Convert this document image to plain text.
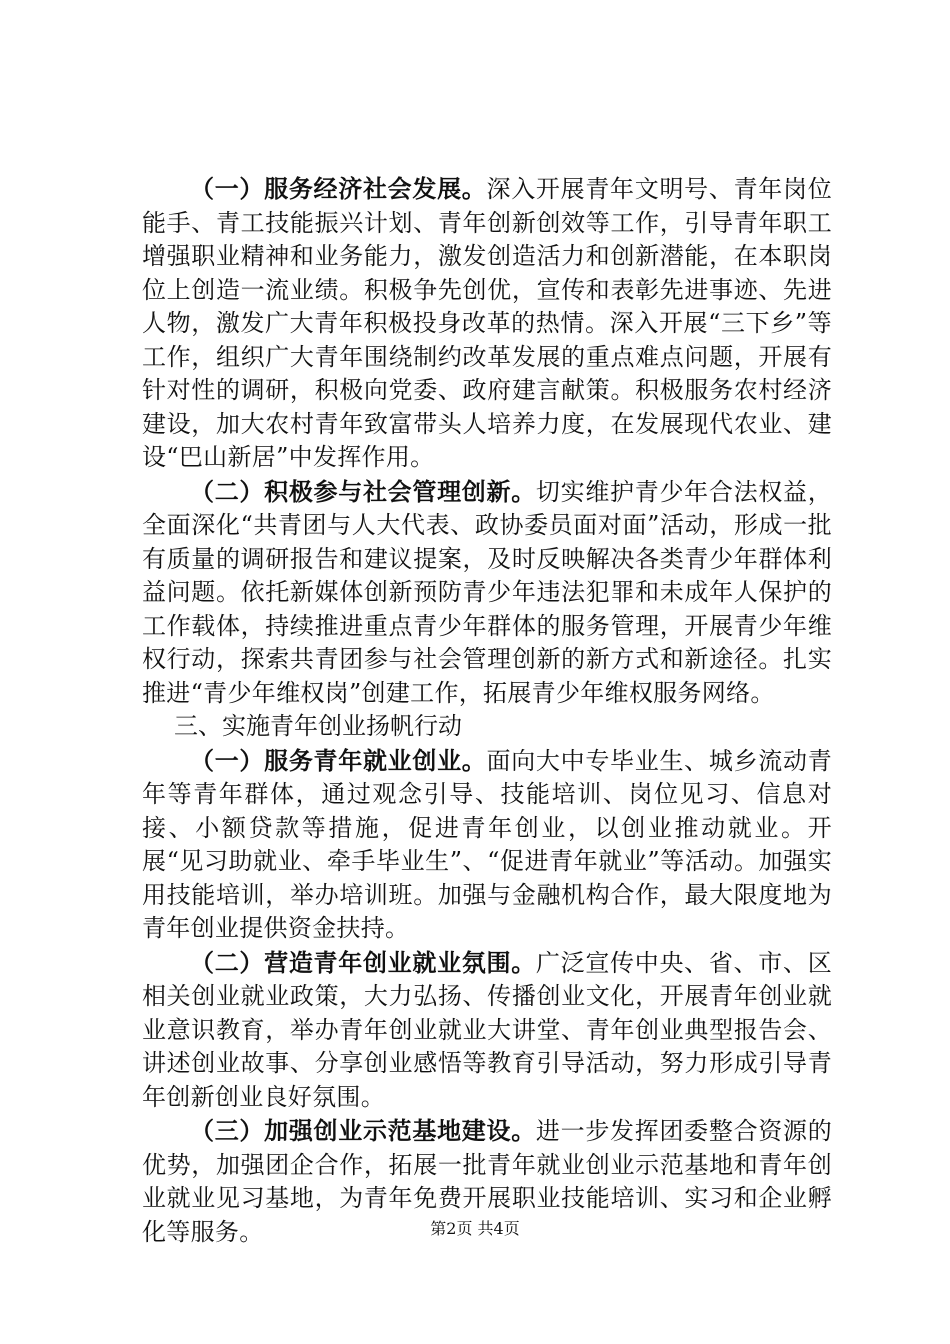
（一）服务经济社会发展。深入开展青年文明号、青年岗位能手、青工技能振兴计划、青年创新创效等工作，引导青年职工增强职业精神和业务能力，激发创造活力和创新潜能，在本职岗位上创造一流业绩。积极争先创优，宣传和表彰先进事迹、先进人物，激发广大青年积极投身改革的热情。深入开展“三下乡”等工作，组织广大青年围绕制约改革发展的重点难点问题，开展有针对性的调研，积极向党委、政府建言献策。积极服务农村经济建设，加大农村青年致富带头人培养力度，在发展现代农业、建设“巴山新居”中发挥作用。

（二）积极参与社会管理创新。切实维护青少年合法权益，全面深化“共青团与人大代表、政协委员面对面”活动，形成一批有质量的调研报告和建议提案，及时反映解决各类青少年群体利益问题。依托新媒体创新预防青少年违法犯罪和未成年人保护的工作载体，持续推进重点青少年群体的服务管理，开展青少年维权行动，探索共青团参与社会管理创新的新方式和新途径。扎实推进“青少年维权岗”创建工作，拓展青少年维权服务网络。

三、实施青年创业扬帆行动

（一）服务青年就业创业。面向大中专毕业生、城乡流动青年等青年群体，通过观念引导、技能培训、岗位见习、信息对接、小额贷款等措施，促进青年创业，以创业推动就业。开展“见习助就业、牵手毕业生”、“促进青年就业”等活动。加强实用技能培训，举办培训班。加强与金融机构合作，最大限度地为青年创业提供资金扶持。

（二）营造青年创业就业氛围。广泛宣传中央、省、市、区相关创业就业政策，大力弘扬、传播创业文化，开展青年创业就业意识教育，举办青年创业就业大讲堂、青年创业典型报告会、讲述创业故事、分享创业感悟等教育引导活动，努力形成引导青年创新创业良好氛围。

（三）加强创业示范基地建设。进一步发挥团委整合资源的优势，加强团企合作，拓展一批青年就业创业示范基地和青年创业就业见习基地，为青年免费开展职业技能培训、实习和企业孵化等服务。	第2页 共4页
